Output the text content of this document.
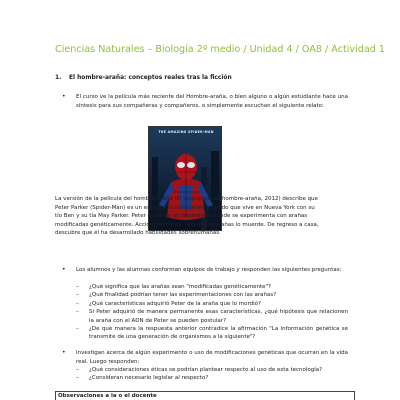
Ciencias Naturales – Biología 2º medio / Unidad 4 / OA8 / Actividad 1
1. El hombre-araña: conceptos reales tras la ficción
• El curso ve la película más reciente del Hombre-araña, o bien alguno o algún estudiante hace una síntesis para sus compañeras y compañeros, o simplemente escuchan el siguiente relato:
THE AMAZING SPIDER-MAN
La versión de la película del hombre-araña (El sorprendente hombre-araña, 2012) describe que
Peter Parker (Spider-Man) es un estudiante inteligente y tímido que vive en Nueva York con su
tío Ben y su tía May Parker. Peter entra en un laboratorio donde se experimenta con arañas
modificadas genéticamente. Accidentalmente, una de las arañas lo muerde. De regreso a casa,
descubre que él ha desarrollado habilidades sobrehumanas.
• Los alumnos y las alumnas conforman equipos de trabajo y responden las siguientes preguntas:
– ¿Qué significa que las arañas sean "modificadas genéticamente"?
– ¿Qué finalidad podrían tener las experimentaciones con las arañas?
– ¿Qué características adquirió Peter de la araña que lo mordió?
– Si Peter adquirió de manera permanente esas características, ¿qué hipótesis que relacionen la araña con el ADN de Peter se pueden postular?
– ¿De qué manera la respuesta anterior contradice la afirmación "La información genética se transmite de una generación de organismos a la siguiente"?
• Investigan acerca de algún experimento o uso de modificaciones genéticas que ocurran en la vida real. Luego responden:
– ¿Qué consideraciones éticas se podrían plantear respecto al uso de esta tecnología?
– ¿Consideran necesario legislar al respecto?
Observaciones a la o el docente
